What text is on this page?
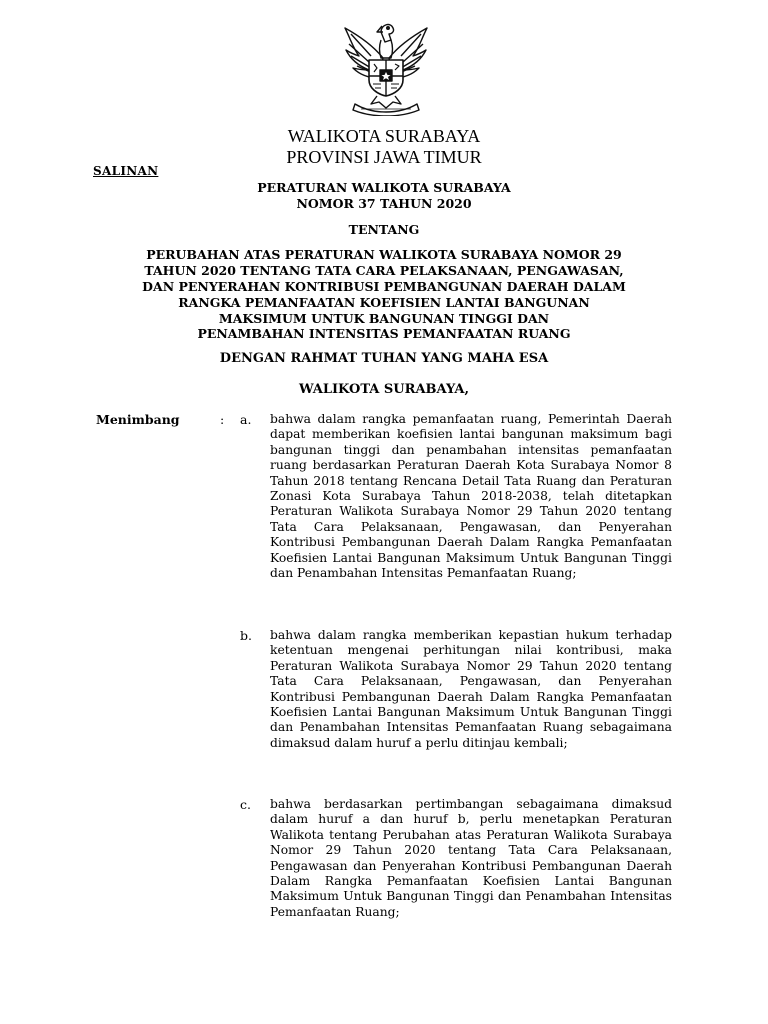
WALIKOTA SURABAYA
PROVINSI JAWA TIMUR
SALINAN
PERATURAN WALIKOTA SURABAYA
NOMOR 37 TAHUN 2020
TENTANG
PERUBAHAN ATAS PERATURAN WALIKOTA SURABAYA NOMOR 29
TAHUN 2020 TENTANG TATA CARA PELAKSANAAN, PENGAWASAN,
DAN PENYERAHAN KONTRIBUSI PEMBANGUNAN DAERAH DALAM
RANGKA PEMANFAATAN KOEFISIEN LANTAI BANGUNAN
MAKSIMUM UNTUK BANGUNAN TINGGI DAN
PENAMBAHAN INTENSITAS PEMANFAATAN RUANG
DENGAN RAHMAT TUHAN YANG MAHA ESA
WALIKOTA SURABAYA,
Menimbang	: a. bahwa dalam rangka pemanfaatan ruang, Pemerintah Daerah dapat memberikan koefisien lantai bangunan maksimum bagi bangunan tinggi dan penambahan intensitas pemanfaatan ruang berdasarkan Peraturan Daerah Kota Surabaya Nomor 8 Tahun 2018 tentang Rencana Detail Tata Ruang dan Peraturan Zonasi Kota Surabaya Tahun 2018-2038, telah ditetapkan Peraturan Walikota Surabaya Nomor 29 Tahun 2020 tentang Tata Cara Pelaksanaan, Pengawasan, dan Penyerahan Kontribusi Pembangunan Daerah Dalam Rangka Pemanfaatan Koefisien Lantai Bangunan Maksimum Untuk Bangunan Tinggi dan Penambahan Intensitas Pemanfaatan Ruang;
b. bahwa dalam rangka memberikan kepastian hukum terhadap ketentuan mengenai perhitungan nilai kontribusi, maka Peraturan Walikota Surabaya Nomor 29 Tahun 2020 tentang Tata Cara Pelaksanaan, Pengawasan, dan Penyerahan Kontribusi Pembangunan Daerah Dalam Rangka Pemanfaatan Koefisien Lantai Bangunan Maksimum Untuk Bangunan Tinggi dan Penambahan Intensitas Pemanfaatan Ruang sebagaimana dimaksud dalam huruf a perlu ditinjau kembali;
c. bahwa berdasarkan pertimbangan sebagaimana dimaksud dalam huruf a dan huruf b, perlu menetapkan Peraturan Walikota tentang Perubahan atas Peraturan Walikota Surabaya Nomor 29 Tahun 2020 tentang Tata Cara Pelaksanaan, Pengawasan dan Penyerahan Kontribusi Pembangunan Daerah Dalam Rangka Pemanfaatan Koefisien Lantai Bangunan Maksimum Untuk Bangunan Tinggi dan Penambahan Intensitas Pemanfaatan Ruang;
